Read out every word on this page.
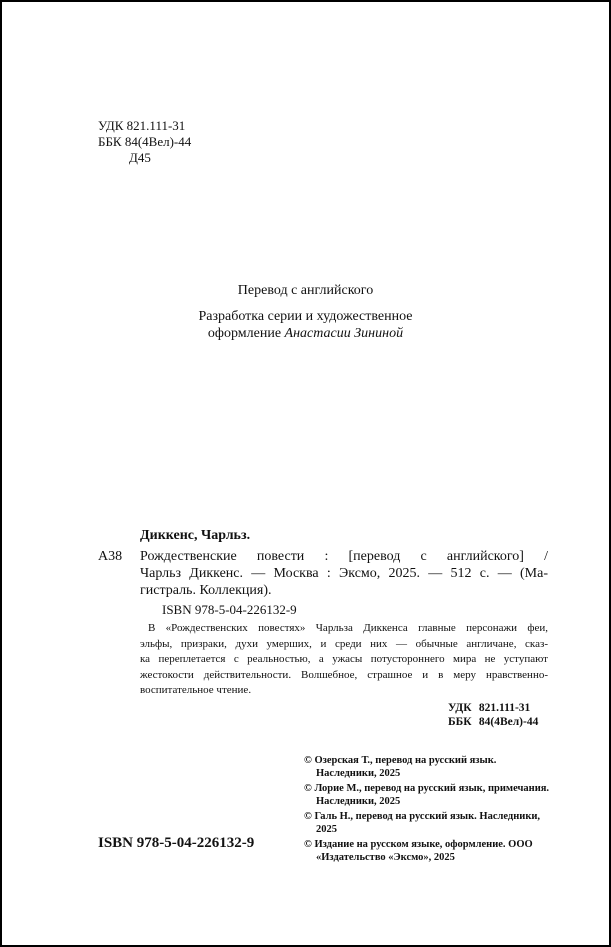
УДК 821.111-31
ББК 84(4Вел)-44
Д45
Перевод с английского
Разработка серии и художественное
оформление Анастасии Зининой
Диккенс, Чарльз.
А38 Рождественские повести : [перевод с английского] /
Чарльз Диккенс. — Москва : Эксмо, 2025. — 512 с. — (Ма-
гистраль. Коллекция).
ISBN 978-5-04-226132-9
В «Рождественских повестях» Чарльза Диккенса главные персонажи феи,
эльфы, призраки, духи умерших, и среди них — обычные англичане, сказ-
ка переплетается с реальностью, а ужасы потустороннего мира не уступают
жестокости действительности. Волшебное, страшное и в меру нравственно-
воспитательное чтение.
УДК 821.111-31
ББК 84(4Вел)-44
© Озерская Т., перевод на русский язык.
Наследники, 2025
© Лорие М., перевод на русский язык, примечания.
Наследники, 2025
© Галь Н., перевод на русский язык. Наследники,
2025
© Издание на русском языке, оформление. ООО
«Издательство «Эксмо», 2025
ISBN 978-5-04-226132-9
